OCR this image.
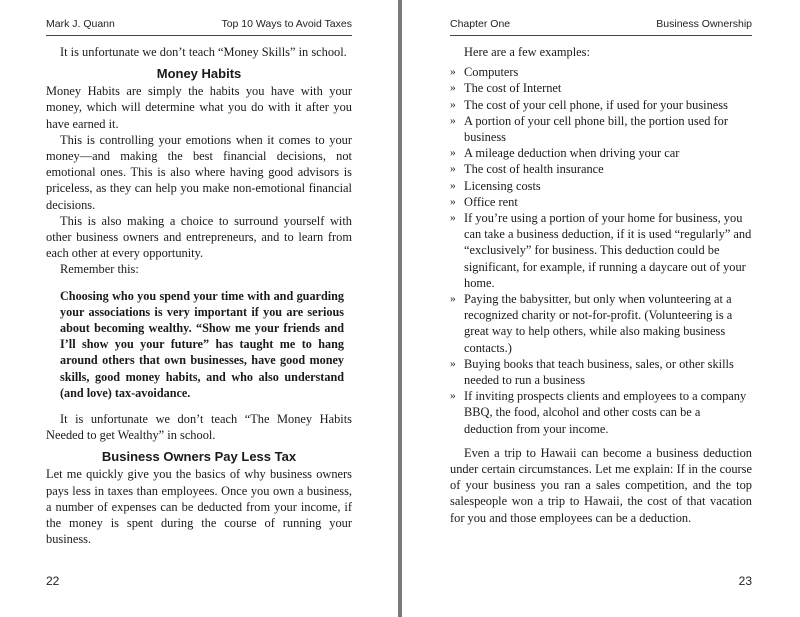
Mark J. Quann	Top 10 Ways to Avoid Taxes

It is unfortunate we don’t teach “Money Skills” in school.

Money Habits

Money Habits are simply the habits you have with your money, which will determine what you do with it after you have earned it.

This is controlling your emotions when it comes to your money—and making the best financial decisions, not emotional ones. This is also where having good advisors is priceless, as they can help you make non-emotional financial decisions.

This is also making a choice to surround yourself with other business owners and entrepreneurs, and to learn from each other at every opportunity.

Remember this:

Choosing who you spend your time with and guarding your associations is very important if you are serious about becoming wealthy. “Show me your friends and I’ll show you your future” has taught me to hang around others that own businesses, have good money skills, good money habits, and who also understand (and love) tax-avoidance.

It is unfortunate we don’t teach “The Money Habits Needed to get Wealthy” in school.

Business Owners Pay Less Tax

Let me quickly give you the basics of why business owners pays less in taxes than employees. Once you own a business, a number of expenses can be deducted from your income, if the money is spent during the course of running your business.

22
Chapter One	Business Ownership

Here are a few examples:

» Computers
» The cost of Internet
» The cost of your cell phone, if used for your business
» A portion of your cell phone bill, the portion used for business
» A mileage deduction when driving your car
» The cost of health insurance
» Licensing costs
» Office rent
» If you’re using a portion of your home for business, you can take a business deduction, if it is used “regularly” and “exclusively” for business. This deduction could be significant, for example, if running a daycare out of your home.
» Paying the babysitter, but only when volunteering at a recognized charity or not-for-profit. (Volunteering is a great way to help others, while also making business contacts.)
» Buying books that teach business, sales, or other skills needed to run a business
» If inviting prospects clients and employees to a company BBQ, the food, alcohol and other costs can be a deduction from your income.

Even a trip to Hawaii can become a business deduction under certain circumstances. Let me explain: If in the course of your business you ran a sales competition, and the top salespeople won a trip to Hawaii, the cost of that vacation for you and those employees can be a deduction.

23
